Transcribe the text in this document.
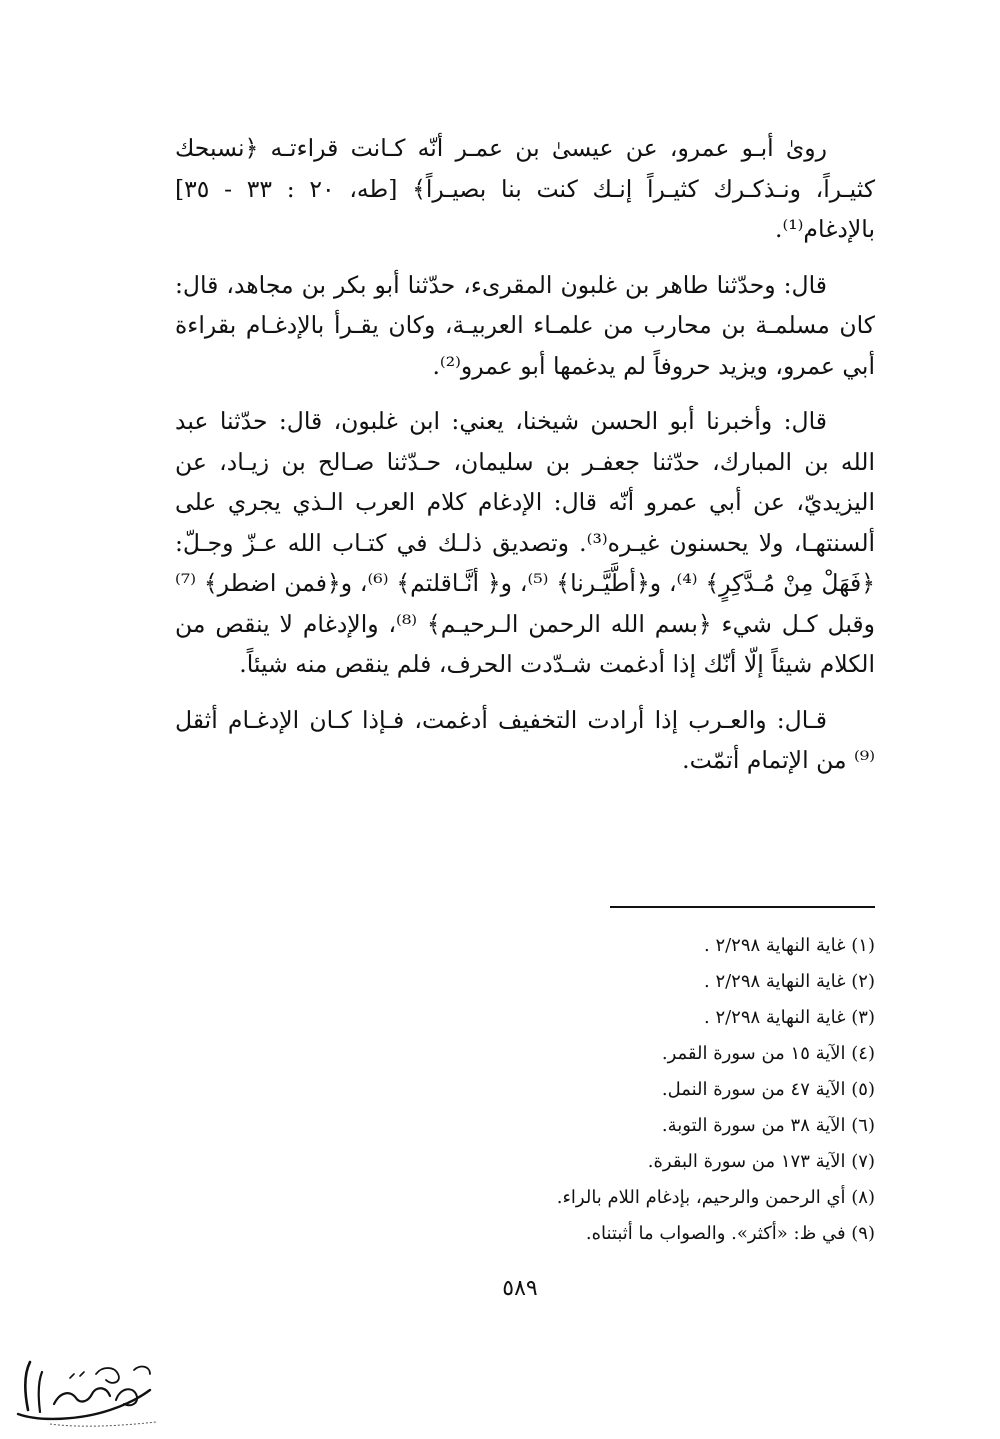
رو‌ىٰ أبـو عمرو، عن عيسىٰ بن عمـر أنّه كـانت قراءتـه ﴿نسبحك كثيـراً، ونـذكـرك كثيـراً إنـك كنت بنا بصيـراً﴾ [طه، ٢٠ : ٣٣ - ٣٥] بالإدغام⁽¹⁾.

قال: وحدّثنا طاهر بن غلبون المقرىء، حدّثنا أبو بكر بن مجاهد، قال: كان مسلمـة بن محارب من علمـاء العربيـة، وكان يقـرأ بالإدغـام بقراءة أبي عمرو، ويزيد حروفاً لم يدغمها أبو عمرو⁽²⁾.

قال: وأخبرنا أبو الحسن شيخنا، يعني: ابن غلبون، قال: حدّثنا عبد الله بن المبارك، حدّثنا جعفـر بن سليمان، حـدّثنا صـالح بن زيـاد، عن اليزيديّ، عن أبي عمرو أنّه قال: الإدغام كلام العرب الـذي يجري على ألسنتهـا، ولا يحسنون غيـره⁽³⁾. وتصديق ذلـك في كتـاب الله عـزّ وجـلّ: ﴿فَهَلْ مِنْ مُـدَّكِرٍ﴾ ⁽⁴⁾، و﴿أطَّيَّـرنا﴾ ⁽⁵⁾، و﴿ أنَّـاقلتم﴾ ⁽⁶⁾، و﴿فمن اضطر﴾ ⁽⁷⁾ وقبل كـل شيء ﴿بسم الله الرحمن الـرحيـم﴾ ⁽⁸⁾، والإدغام لا ينقص من الكلام شيئاً إلّا أنّك إذا أدغمت شـدّدت الحرف، فلم ينقص منه شيئاً.

قـال: والعـرب إذا أرادت التخفيف أدغمت، فـإذا كـان الإدغـام أثقل ⁽⁹⁾ من الإتمام أتمّت.

(١) غاية النهاية ٢/٢٩٨ .
(٢) غاية النهاية ٢/٢٩٨ .
(٣) غاية النهاية ٢/٢٩٨ .
(٤) الآية ١٥ من سورة القمر.
(٥) الآية ٤٧ من سورة النمل.
(٦) الآية ٣٨ من سورة التوبة.
(٧) الآية ١٧٣ من سورة البقرة.
(٨) أي الرحمن والرحيم، بإدغام اللام بالراء.
(٩) في ظ: «أكثر». والصواب ما أثبتناه.
٥٨٩
